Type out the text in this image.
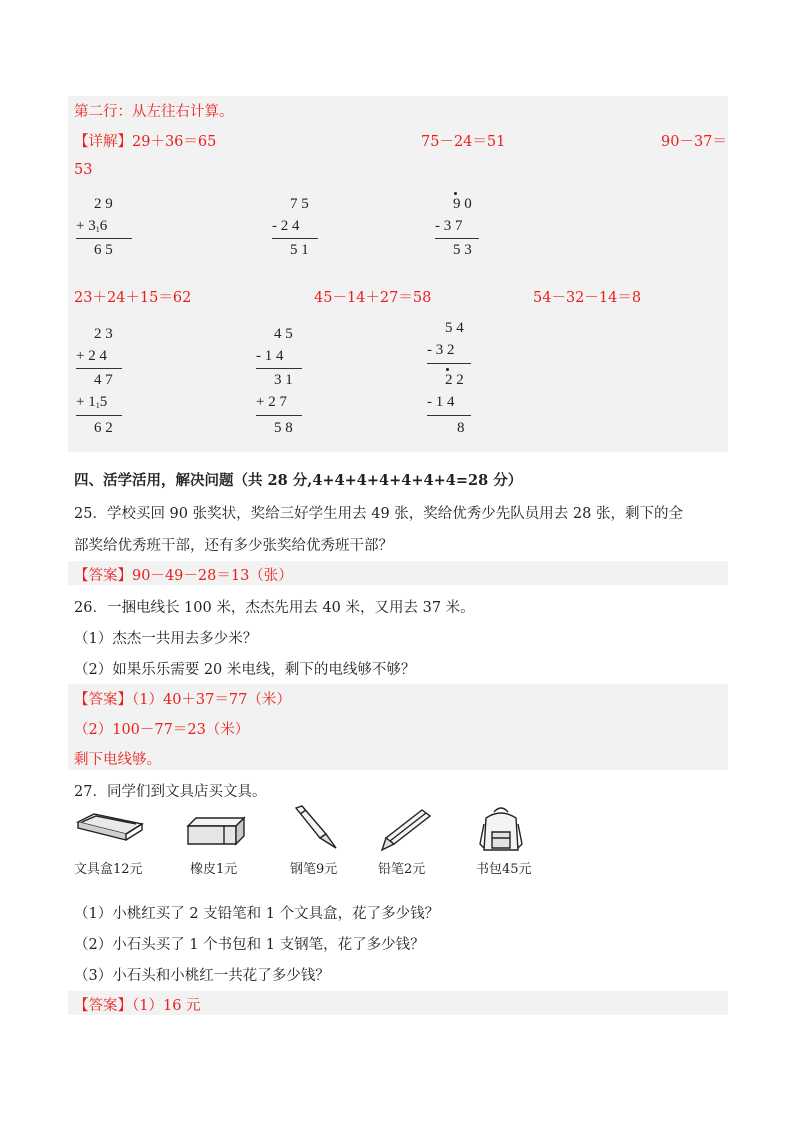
第二行：从左往右计算。
【详解】29＋36＝65	75－24＝51	90－37＝
53
2 9
+ 316
6 5
7 5
- 2 4
5 1
9 0
- 3 7
5 3
23＋24＋15＝62	45－14＋27＝58	54－32－14＝8
2 3
+ 2 4
4 7
+ 115
6 2
4 5
- 1 4
3 1
+ 2 7
5 8
5 4
- 3 2
2 2
- 1 4
8
四、活学活用，解决问题（共 28 分,4+4+4+4+4+4+4=28 分）
25．学校买回 90 张奖状，奖给三好学生用去 49 张，奖给优秀少先队员用去 28 张，剩下的全
部奖给优秀班干部，还有多少张奖给优秀班干部？
【答案】90－49－28＝13（张）
26．一捆电线长 100 米，杰杰先用去 40 米，又用去 37 米。
（1）杰杰一共用去多少米？
（2）如果乐乐需要 20 米电线，剩下的电线够不够？
【答案】（1）40＋37＝77（米）
（2）100－77＝23（米）
剩下电线够。
27．同学们到文具店买文具。
文具盒12元	橡皮1元	钢笔9元	铅笔2元	书包45元
（1）小桃红买了 2 支铅笔和 1 个文具盒，花了多少钱？
（2）小石头买了 1 个书包和 1 支钢笔，花了多少钱？
（3）小石头和小桃红一共花了多少钱？
【答案】（1）16 元
